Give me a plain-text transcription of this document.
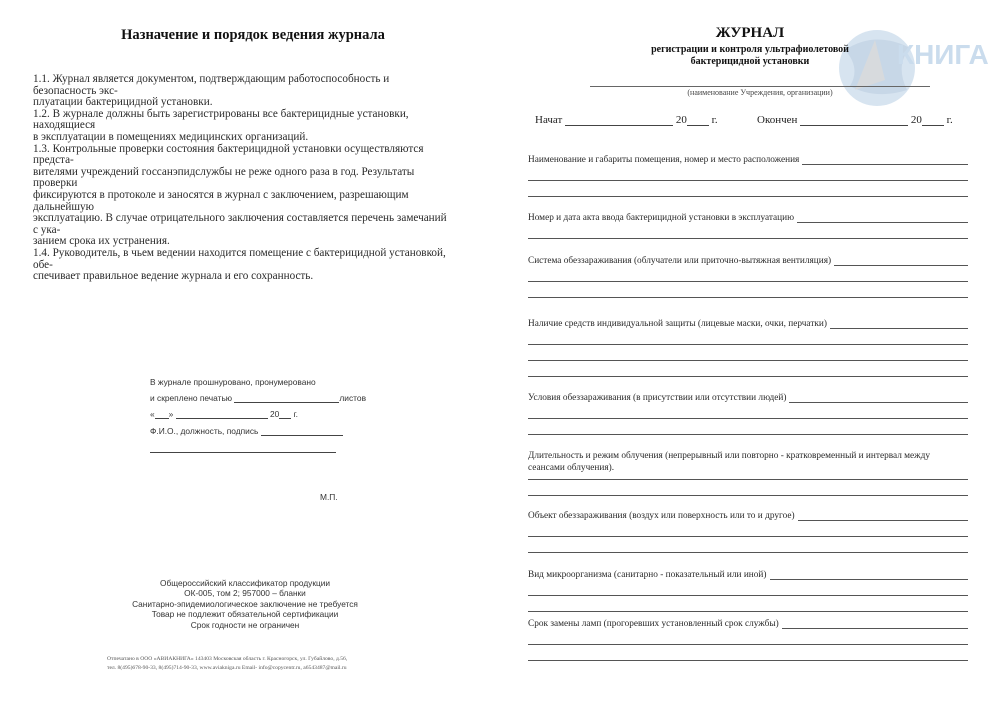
Назначение и порядок ведения журнала

1.1. Журнал является документом, подтверждающим работоспособность и безопасность экс-

плуатации бактерицидной установки.

1.2. В журнале должны быть зарегистрированы все бактерицидные установки, находящиеся

в эксплуатации в помещениях медицинских организаций.

1.3. Контрольные проверки состояния бактерицидной установки осуществляются предста-

вителями учреждений госсанэпидслужбы не реже одного раза в год. Результаты проверки

фиксируются в протоколе и заносятся в журнал с заключением, разрешающим дальнейшую

эксплуатацию. В случае отрицательного заключения составляется перечень замечаний с ука-

занием срока их устранения.

1.4. Руководитель, в чьем ведении находится помещение с бактерицидной установкой, обе-

спечивает правильное ведение журнала и его сохранность.

В журнале прошнуровано, пронумеровано
и скреплено печатью	листов
« »	20 г.
Ф.И.О., должность, подпись
М.П.
Общероссийский классификатор продукции
ОК-005, том 2; 957000 – бланки
Санитарно-эпидемиологическое заключение не требуется
Товар не подлежит обязательной сертификации
Срок годности не ограничен
Отпечатано в ООО «АВИАКНИГА» 143403 Московская область г. Красногорск, ул. Губайлово, д.56,
тел. 8(495)678-90-33, 8(495)714-90-33, www.aviakniga.ru Email- info@copycentr.ru, a6543487@mail.ru
КНИГА
ЖУРНАЛ
регистрации и контроля ультрафиолетовой
бактерицидной установки
(наименование Учреждения, организации)
Начат	20 г.	Окончен	20 г.
Наименование и габариты помещения, номер и место расположения
Номер и дата акта ввода бактерицидной установки в эксплуатацию
Система обеззараживания (облучатели или приточно-вытяжная вентиляция)
Наличие средств индивидуальной защиты (лицевые маски, очки, перчатки)
Условия обеззараживания (в присутствии или отсутствии людей)
Длительность и режим облучения (непрерывный или повторно - кратковременный и интервал между сеансами облучения).
Объект обеззараживания (воздух или поверхность или то и другое)
Вид микроорганизма (санитарно - показательный или иной)
Срок замены ламп (прогоревших установленный срок службы)
